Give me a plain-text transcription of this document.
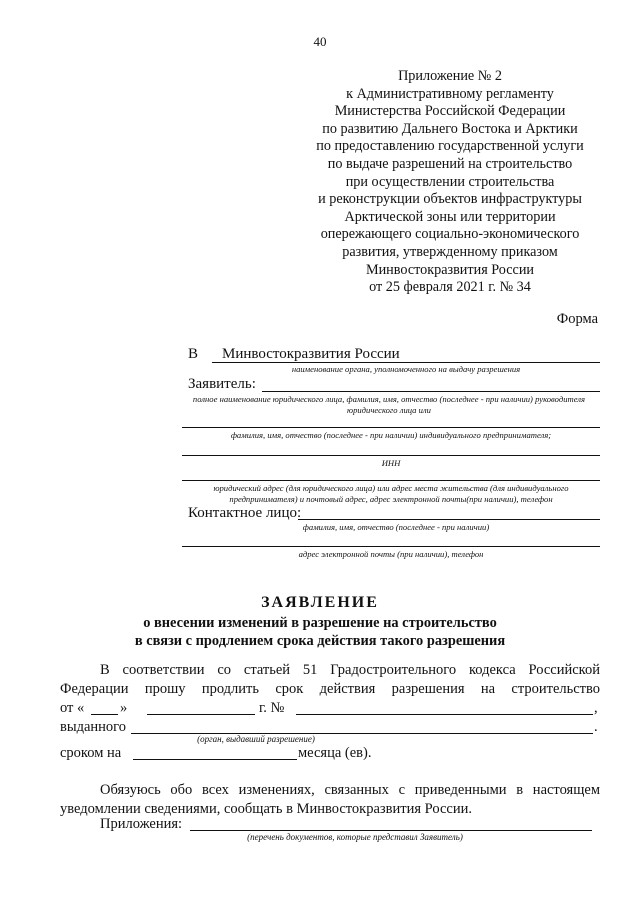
40
Приложение № 2
к Административному регламенту
Министерства Российской Федерации
по развитию Дальнего Востока и Арктики
по предоставлению государственной услуги
по выдаче разрешений на строительство
при осуществлении строительства
и реконструкции объектов инфраструктуры
Арктической зоны или территории
опережающего социально-экономического
развития, утвержденному приказом
Минвостокразвития России
от 25 февраля 2021 г. № 34
Форма
В Минвостокразвития России
наименование органа, уполномоченного на выдачу разрешения
Заявитель:
полное наименование юридического лица, фамилия, имя, отчество (последнее - при наличии) руководителя
юридического лица или
фамилия, имя, отчество (последнее - при наличии) индивидуального предпринимателя;
ИНН
юридический адрес (для юридического лица) или адрес места жительства (для индивидуального
предпринимателя) и почтовый адрес, адрес электронной почты(при наличии), телефон
Контактное лицо:
фамилия, имя, отчество (последнее - при наличии)
адрес электронной почты (при наличии), телефон
ЗАЯВЛЕНИЕ
о внесении изменений в разрешение на строительство
в связи с продлением срока действия такого разрешения
В соответствии со статьей 51 Градостроительного кодекса Российской
Федерации прошу продлить срок действия разрешения на строительство
от « »	г. №	,
выданного	.
(орган, выдавший разрешение)
сроком на	месяца (ев).
Обязуюсь обо всех изменениях, связанных с приведенными в настоящем
уведомлении сведениями, сообщать в Минвостокразвития России.
Приложения:
(перечень документов, которые представил Заявитель)
